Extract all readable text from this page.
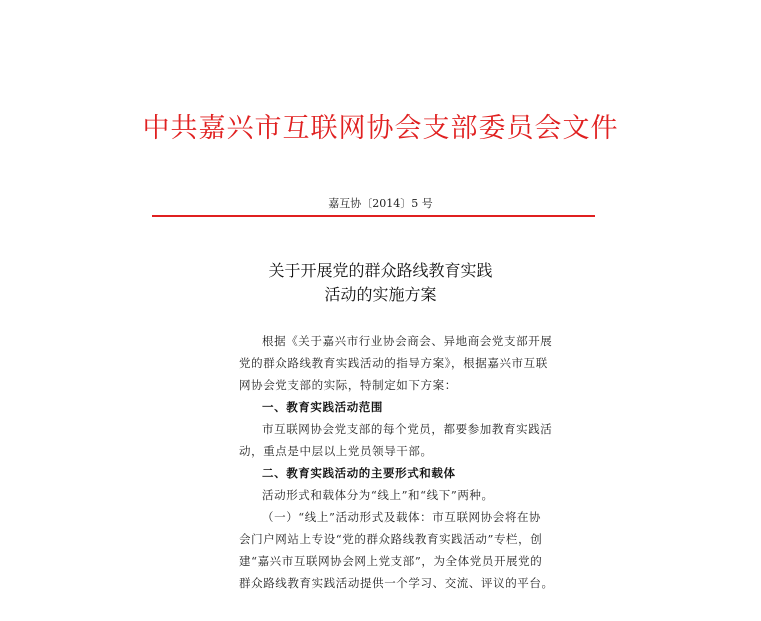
中共嘉兴市互联网协会支部委员会文件
嘉互协〔2014〕5 号
关于开展党的群众路线教育实践
活动的实施方案
根据《关于嘉兴市行业协会商会、异地商会党支部开展
党的群众路线教育实践活动的指导方案》，根据嘉兴市互联
网协会党支部的实际，特制定如下方案：
一、教育实践活动范围
市互联网协会党支部的每个党员，都要参加教育实践活
动，重点是中层以上党员领导干部。
二、教育实践活动的主要形式和载体
活动形式和载体分为“线上”和“线下”两种。
（一）“线上”活动形式及载体：市互联网协会将在协
会门户网站上专设“党的群众路线教育实践活动”专栏，创
建“嘉兴市互联网协会网上党支部”，为全体党员开展党的
群众路线教育实践活动提供一个学习、交流、评议的平台。
